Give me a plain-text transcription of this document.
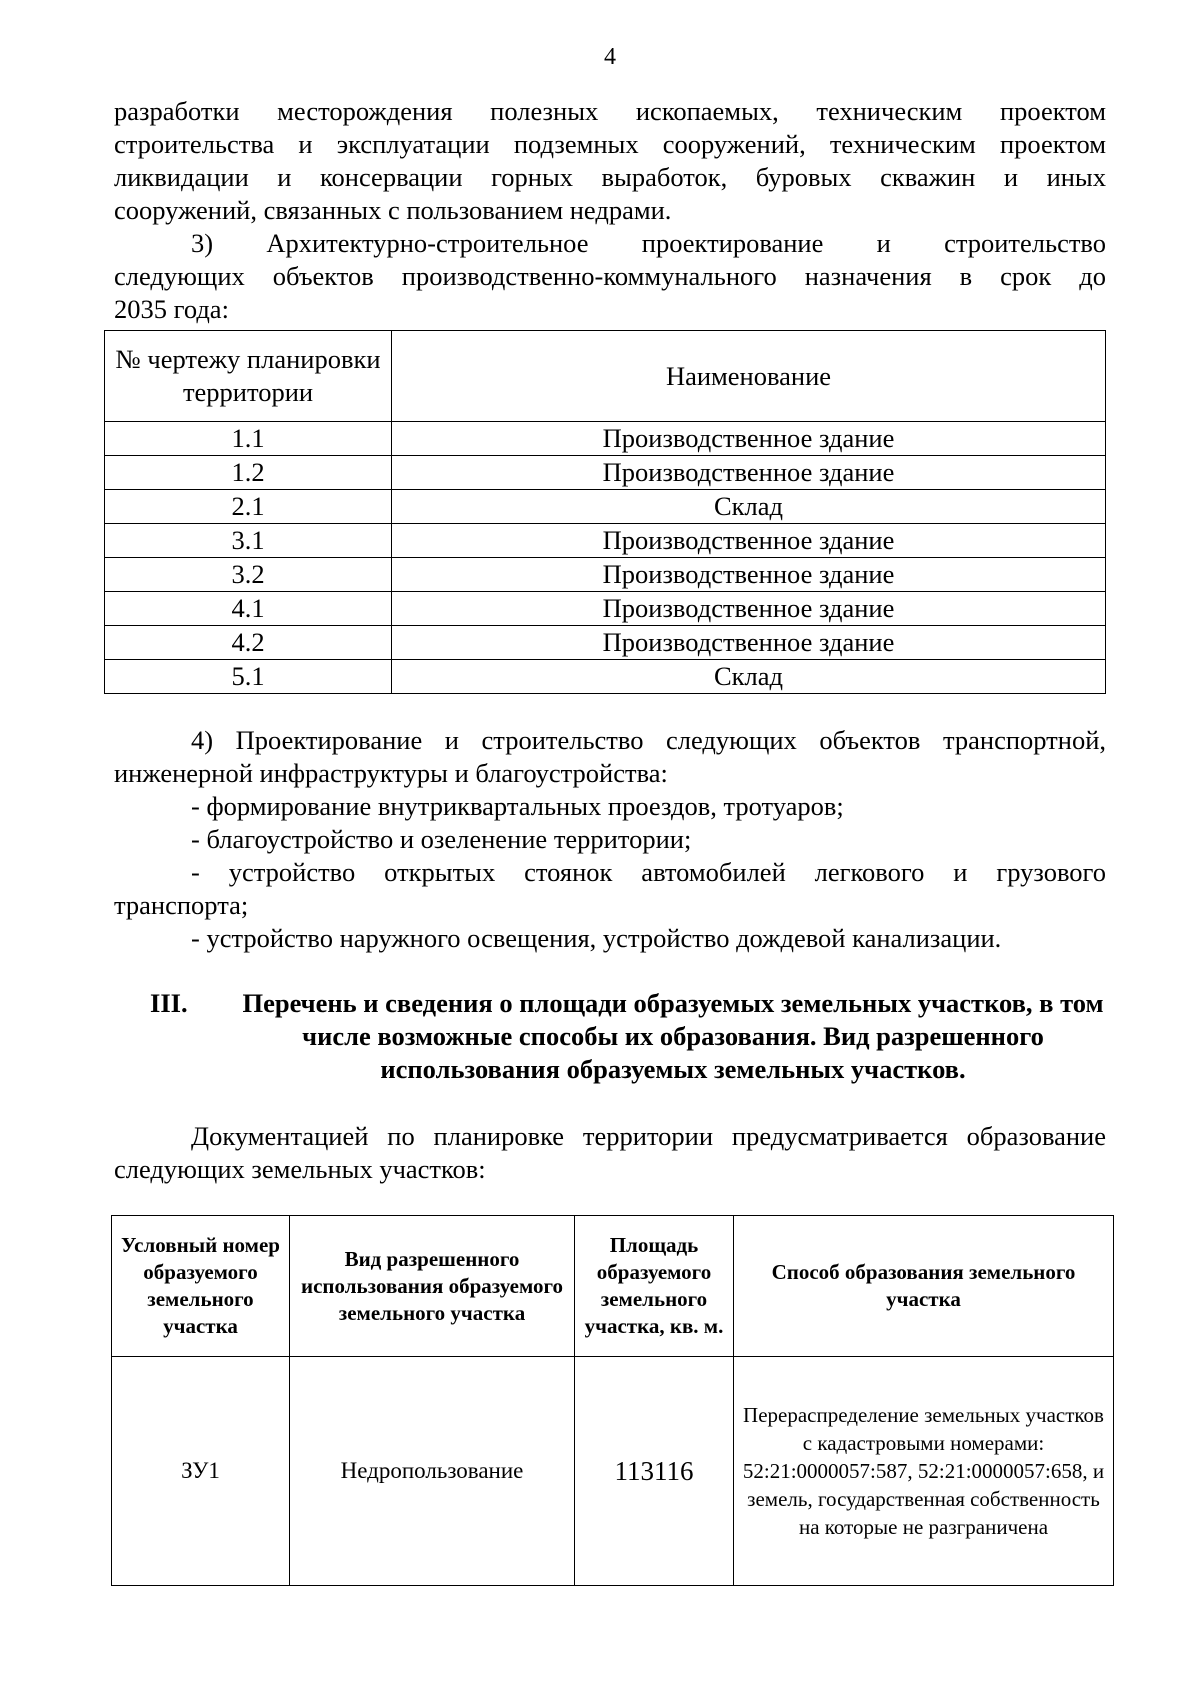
4

разработки месторождения полезных ископаемых, техническим проектом

строительства и эксплуатации подземных сооружений, техническим проектом

ликвидации и консервации горных выработок, буровых скважин и иных

сооружений, связанных с пользованием недрами.

3) Архитектурно-строительное проектирование и строительство

следующих объектов производственно-коммунального назначения в срок до

2035 года:

№ чертежу планировки территории	Наименование
1.1	Производственное здание
1.2	Производственное здание
2.1	Склад
3.1	Производственное здание
3.2	Производственное здание
4.1	Производственное здание
4.2	Производственное здание
5.1	Склад

4) Проектирование и строительство следующих объектов транспортной,

инженерной инфраструктуры и благоустройства:

- формирование внутриквартальных проездов, тротуаров;

- благоустройство и озеленение территории;

- устройство открытых стоянок автомобилей легкового и грузового

транспорта;

- устройство наружного освещения, устройство дождевой канализации.

III. Перечень и сведения о площади образуемых земельных участков, в том числе возможные способы их образования. Вид разрешенного использования образуемых земельных участков.

Документацией по планировке территории предусматривается образование

следующих земельных участков:

Условный номер образуемого земельного участка	Вид разрешенного использования образуемого земельного участка	Площадь образуемого земельного участка, кв. м.	Способ образования земельного участка
ЗУ1	Недропользование	113116	Перераспределение земельных участков с кадастровыми номерами: 52:21:0000057:587, 52:21:0000057:658, и земель, государственная собственность на которые не разграничена
